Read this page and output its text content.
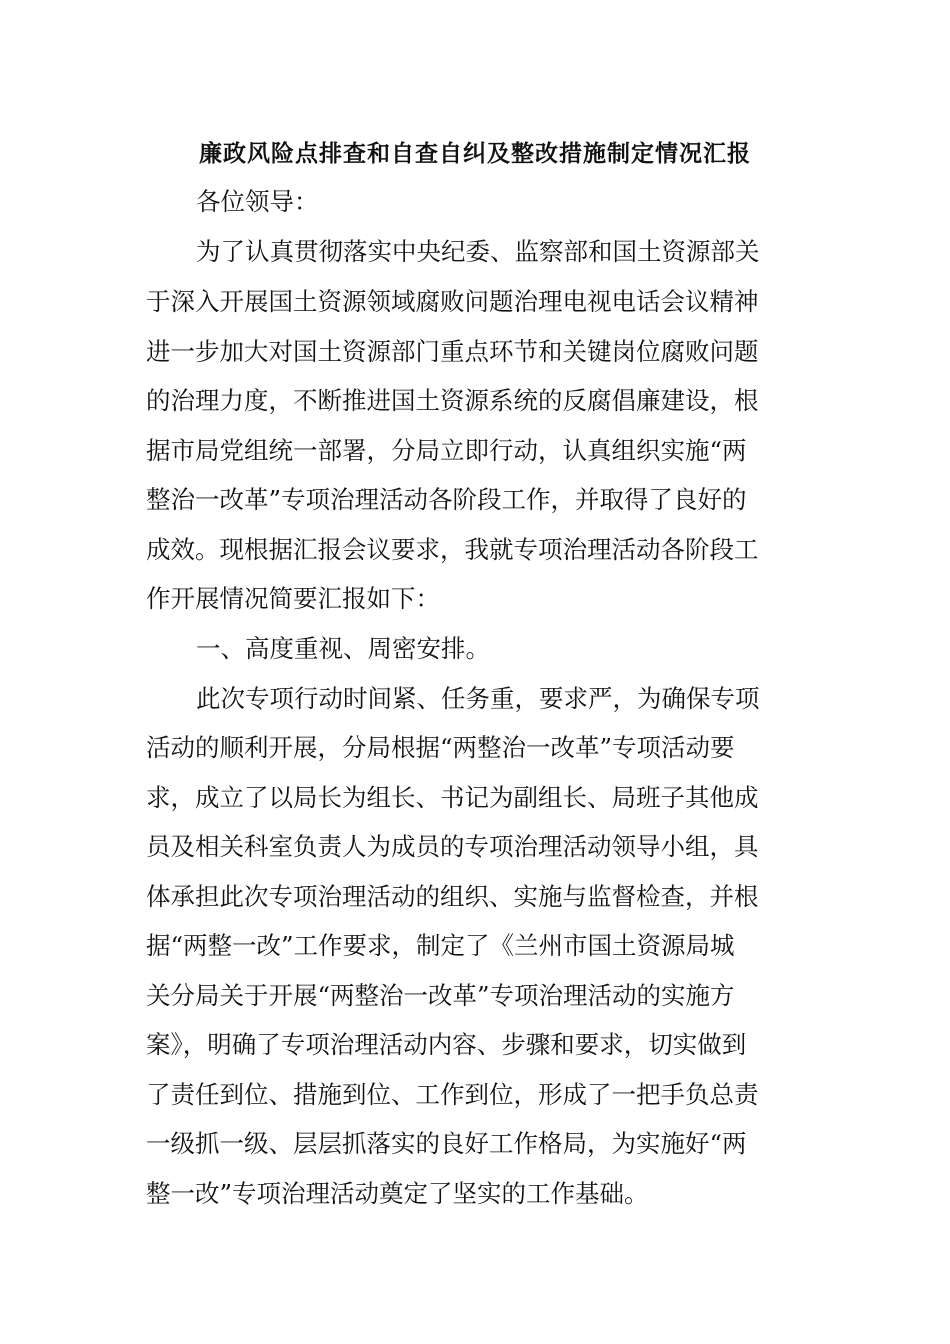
廉政风险点排查和自查自纠及整改措施制定情况汇报
各位领导：
为了认真贯彻落实中央纪委、监察部和国土资源部关
于深入开展国土资源领域腐败问题治理电视电话会议精神
进一步加大对国土资源部门重点环节和关键岗位腐败问题
的治理力度，不断推进国土资源系统的反腐倡廉建设，根
据市局党组统一部署，分局立即行动，认真组织实施“两
整治一改革”专项治理活动各阶段工作，并取得了良好的
成效。现根据汇报会议要求，我就专项治理活动各阶段工
作开展情况简要汇报如下：
一、高度重视、周密安排。
此次专项行动时间紧、任务重，要求严，为确保专项
活动的顺利开展，分局根据“两整治一改革”专项活动要
求，成立了以局长为组长、书记为副组长、局班子其他成
员及相关科室负责人为成员的专项治理活动领导小组，具
体承担此次专项治理活动的组织、实施与监督检查，并根
据“两整一改”工作要求，制定了《兰州市国土资源局城
关分局关于开展“两整治一改革”专项治理活动的实施方
案》，明确了专项治理活动内容、步骤和要求，切实做到
了责任到位、措施到位、工作到位，形成了一把手负总责
一级抓一级、层层抓落实的良好工作格局，为实施好“两
整一改”专项治理活动奠定了坚实的工作基础。
